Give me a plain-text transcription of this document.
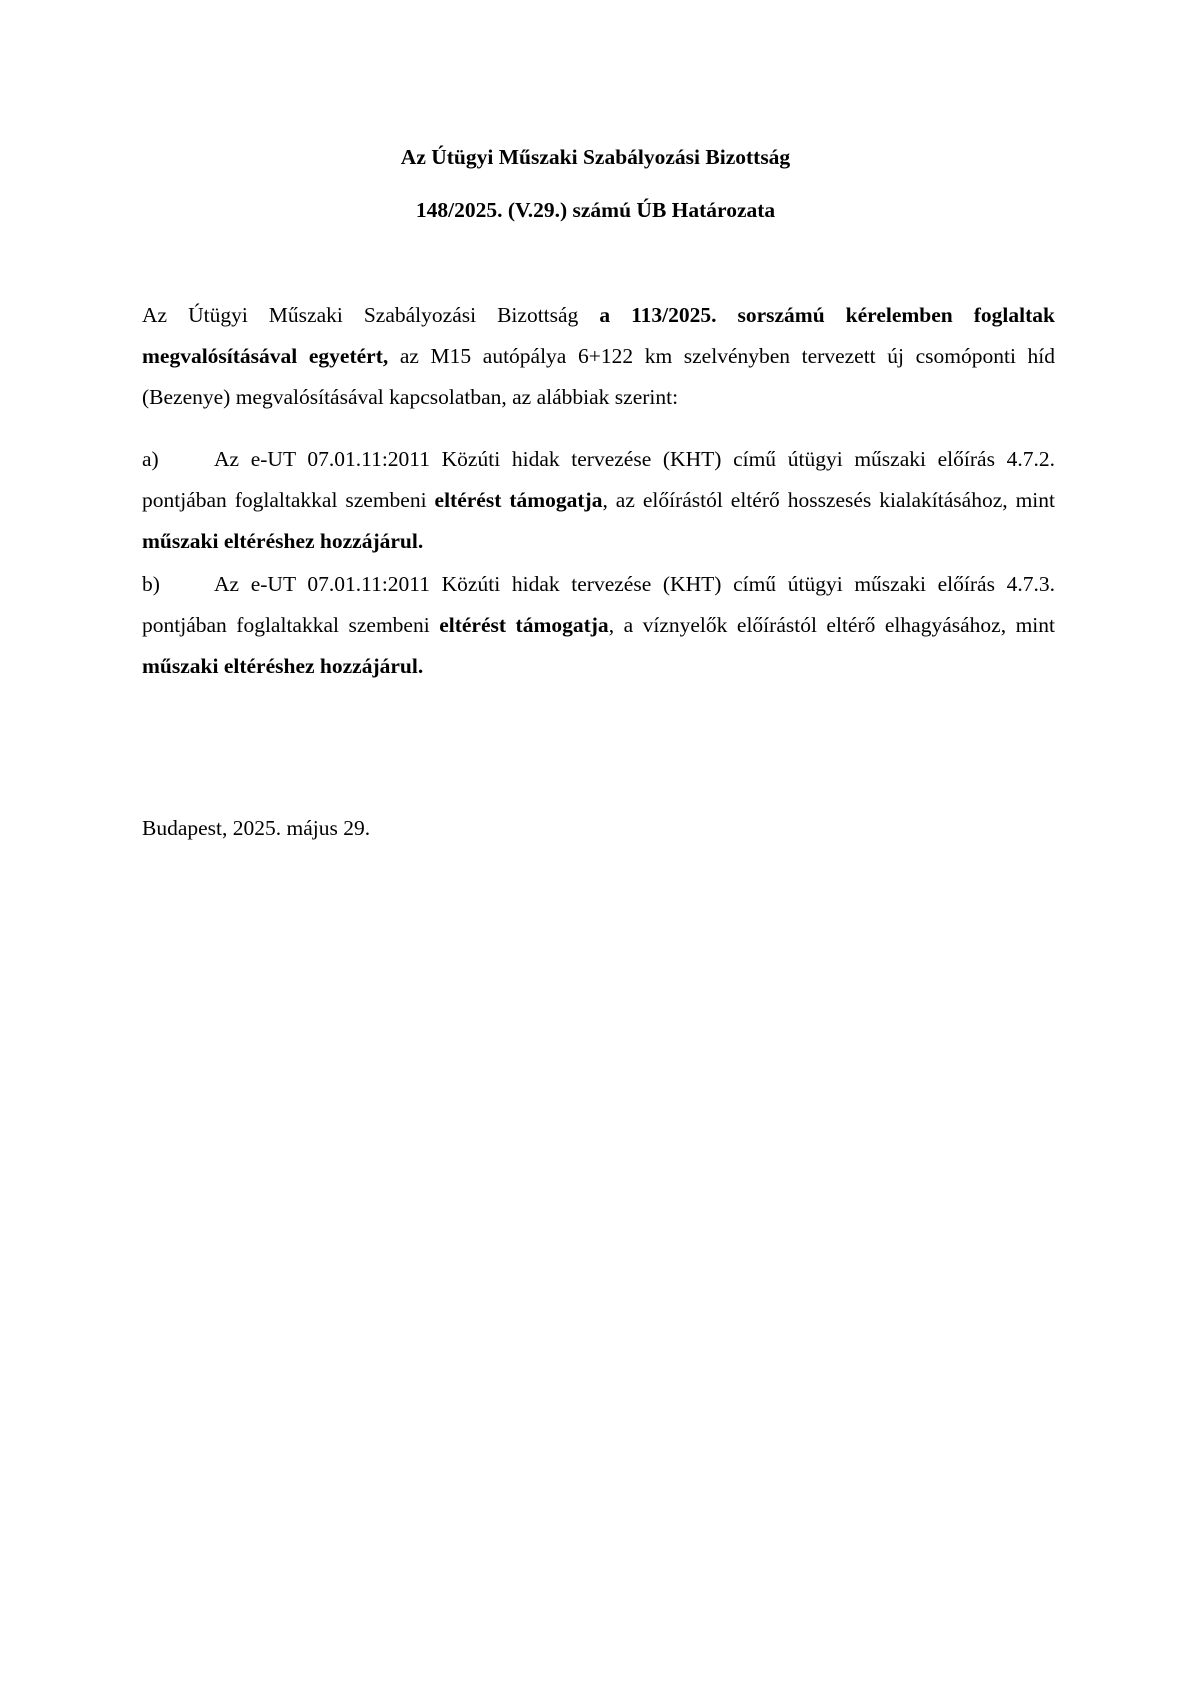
Az Útügyi Műszaki Szabályozási Bizottság
148/2025. (V.29.) számú ÚB Határozata
Az Útügyi Műszaki Szabályozási Bizottság a 113/2025. sorszámú kérelemben foglaltak megvalósításával egyetért, az M15 autópálya 6+122 km szelvényben tervezett új csomóponti híd (Bezenye) megvalósításával kapcsolatban, az alábbiak szerint:
a)	Az e-UT 07.01.11:2011 Közúti hidak tervezése (KHT) című útügyi műszaki előírás 4.7.2. pontjában foglaltakkal szembeni eltérést támogatja, az előírástól eltérő hosszesés kialakításához, mint műszaki eltéréshez hozzájárul.
b)	Az e-UT 07.01.11:2011 Közúti hidak tervezése (KHT) című útügyi műszaki előírás 4.7.3. pontjában foglaltakkal szembeni eltérést támogatja, a víznyelők előírástól eltérő elhagyásához, mint műszaki eltéréshez hozzájárul.
Budapest, 2025. május 29.
